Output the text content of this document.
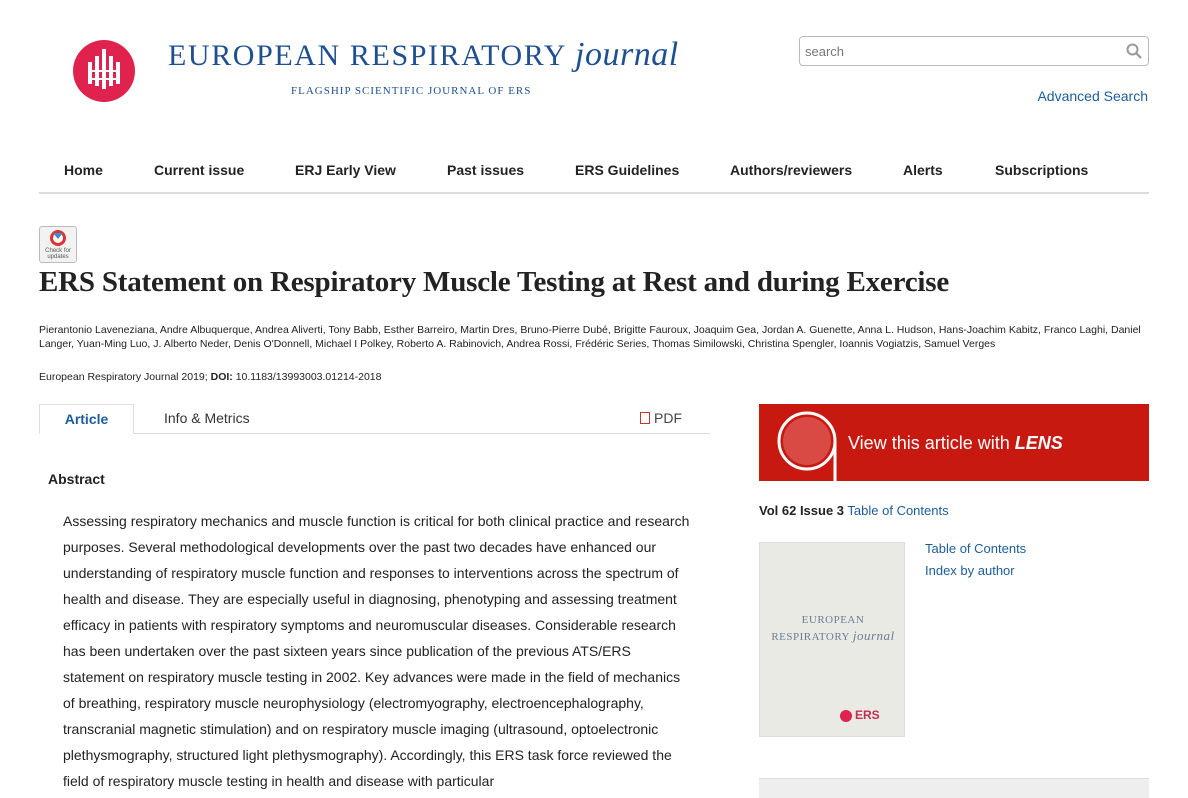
EUROPEAN RESPIRATORY journal
FLAGSHIP SCIENTIFIC JOURNAL OF ERS
search	Advanced Search
Home	Current issue	ERJ Early View	Past issues	ERS Guidelines	Authors/reviewers	Alerts	Subscriptions
Check for updates
ERS Statement on Respiratory Muscle Testing at Rest and during Exercise
Pierantonio Laveneziana, Andre Albuquerque, Andrea Aliverti, Tony Babb, Esther Barreiro, Martin Dres, Bruno-Pierre Dubé, Brigitte Fauroux, Joaquim Gea, Jordan A. Guenette, Anna L. Hudson, Hans-Joachim Kabitz, Franco Laghi, Daniel Langer, Yuan-Ming Luo, J. Alberto Neder, Denis O'Donnell, Michael I Polkey, Roberto A. Rabinovich, Andrea Rossi, Frédéric Series, Thomas Similowski, Christina Spengler, Ioannis Vogiatzis, Samuel Verges
European Respiratory Journal 2019; DOI: 10.1183/13993003.01214-2018
Article	Info & Metrics	PDF
Abstract

Assessing respiratory mechanics and muscle function is critical for both clinical practice and research purposes. Several methodological developments over the past two decades have enhanced our understanding of respiratory muscle function and responses to interventions across the spectrum of health and disease. They are especially useful in diagnosing, phenotyping and assessing treatment efficacy in patients with respiratory symptoms and neuromuscular diseases. Considerable research has been undertaken over the past sixteen years since publication of the previous ATS/ERS statement on respiratory muscle testing in 2002. Key advances were made in the field of mechanics of breathing, respiratory muscle neurophysiology (electromyography, electroencephalography, transcranial magnetic stimulation) and on respiratory muscle imaging (ultrasound, optoelectronic plethysmography, structured light plethysmography). Accordingly, this ERS task force reviewed the field of respiratory muscle testing in health and disease with particular

View this article with LENS
Vol 62 Issue 3 Table of Contents
EUROPEAN
RESPIRATORY journal
ERS
Table of Contents
Index by author
